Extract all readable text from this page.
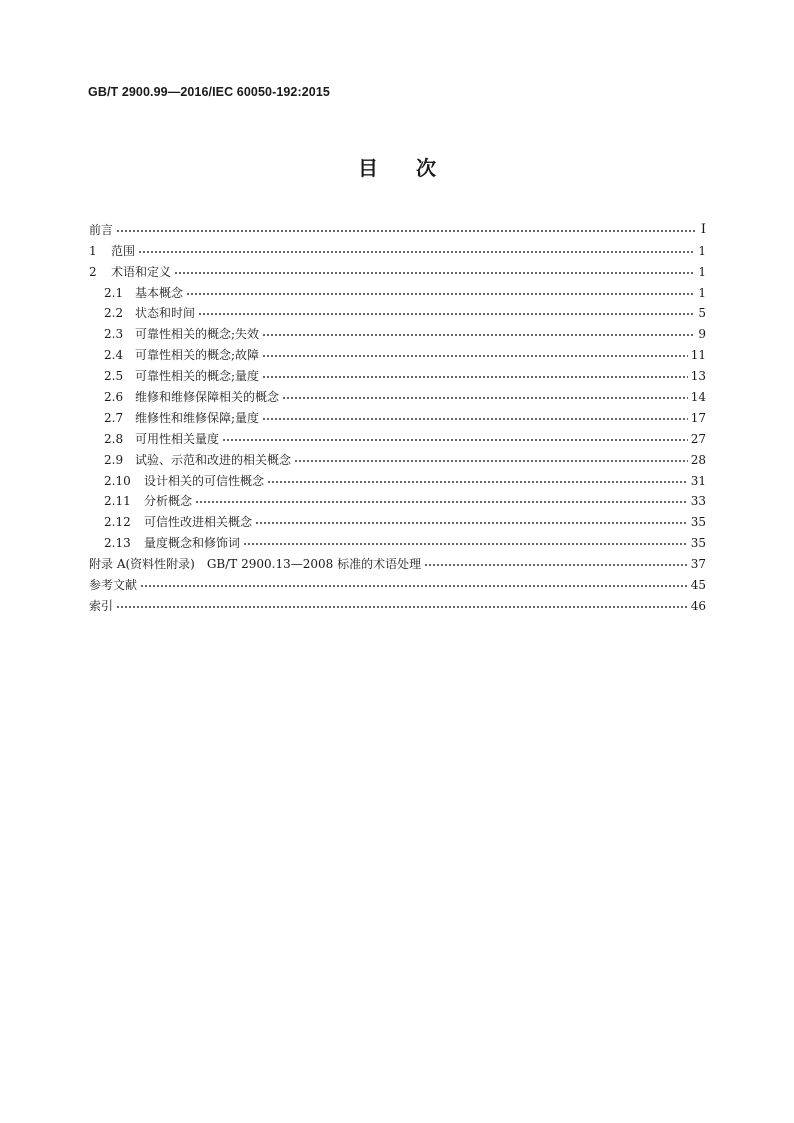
GB/T 2900.99—2016/IEC 60050-192:2015
目次
前言	Ⅰ
1	范围	1
2	术语和定义	1
2.1 基本概念	1
2.2 状态和时间	5
2.3 可靠性相关的概念;失效	9
2.4 可靠性相关的概念;故障	11
2.5 可靠性相关的概念;量度	13
2.6 维修和维修保障相关的概念	14
2.7 维修性和维修保障;量度	17
2.8 可用性相关量度	27
2.9 试验、示范和改进的相关概念	28
2.10	设计相关的可信性概念	31
2.11	分析概念	33
2.12	可信性改进相关概念	35
2.13	量度概念和修饰词	35
附录 A(资料性附录)　GB/T 2900.13—2008 标准的术语处理	37
参考文献	45
索引	46
